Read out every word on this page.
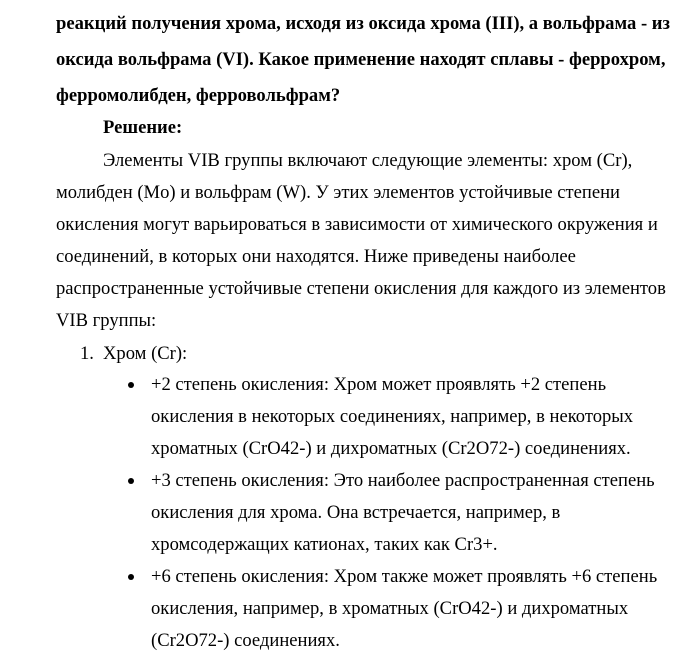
реакций получения хрома, исходя из оксида хрома (III), а вольфрама - из
оксида вольфрама (VI). Какое применение находят сплавы - феррохром,
ферромолибден, ферровольфрам?
Решение:
Элементы VIB группы включают следующие элементы: хром (Cr),
молибден (Mo) и вольфрам (W). У этих элементов устойчивые степени
окисления могут варьироваться в зависимости от химического окружения и
соединений, в которых они находятся. Ниже приведены наиболее
распространенные устойчивые степени окисления для каждого из элементов
VIB группы:
1. Хром (Cr):
+2 степень окисления: Хром может проявлять +2 степень
окисления в некоторых соединениях, например, в некоторых
хроматных (CrO42-) и дихроматных (Cr2O72-) соединениях.
+3 степень окисления: Это наиболее распространенная степень
окисления для хрома. Она встречается, например, в
хромсодержащих катионах, таких как Cr3+.
+6 степень окисления: Хром также может проявлять +6 степень
окисления, например, в хроматных (CrO42-) и дихроматных
(Cr2O72-) соединениях.
